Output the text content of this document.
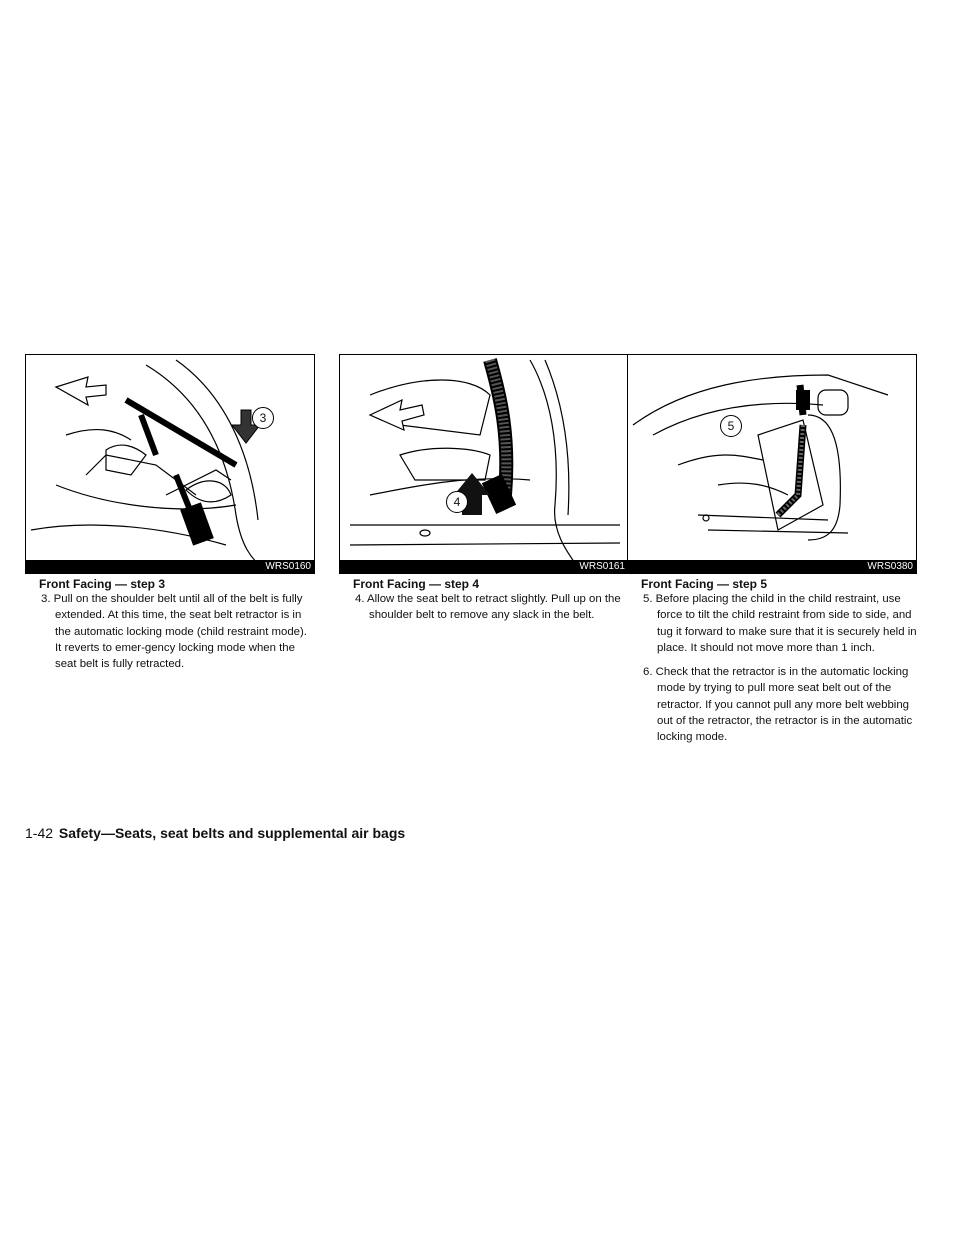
3
WRS0160
Front Facing — step 3

3. Pull on the shoulder belt until all of the belt is fully extended. At this time, the seat belt retractor is in the automatic locking mode (child restraint mode). It reverts to emer-gency locking mode when the seat belt is fully retracted.

4
WRS0161
Front Facing — step 4

4. Allow the seat belt to retract slightly. Pull up on the shoulder belt to remove any slack in the belt.

5
WRS0380
Front Facing — step 5

5. Before placing the child in the child restraint, use force to tilt the child restraint from side to side, and tug it forward to make sure that it is securely held in place. It should not move more than 1 inch.

6. Check that the retractor is in the automatic locking mode by trying to pull more seat belt out of the retractor. If you cannot pull any more belt webbing out of the retractor, the retractor is in the automatic locking mode.

1-42 Safety—Seats, seat belts and supplemental air bags
